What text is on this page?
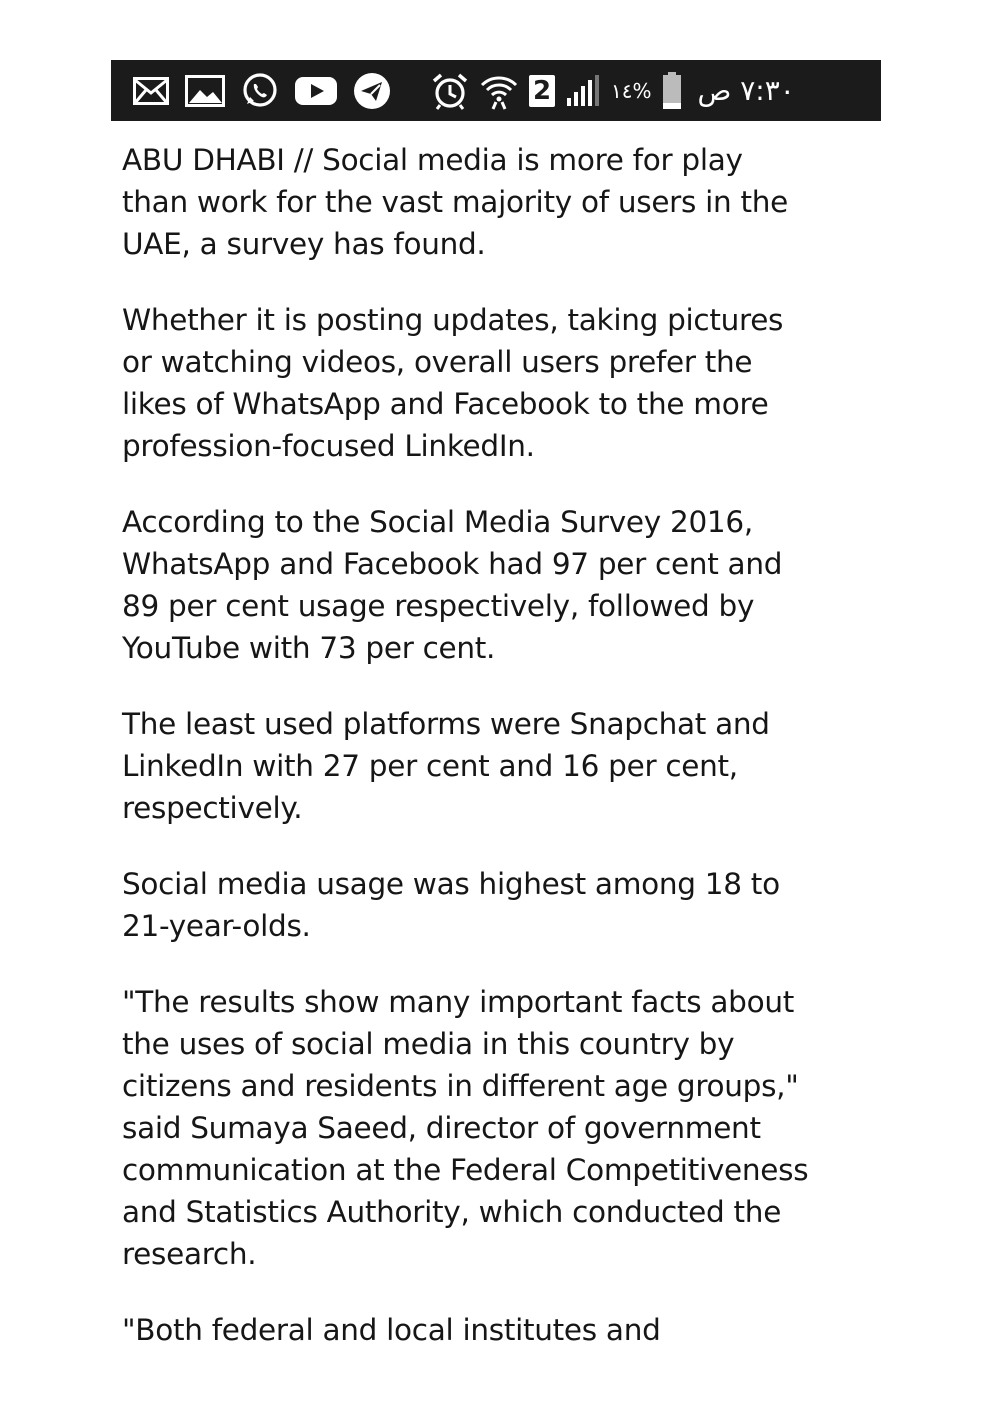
2	١٤% ٧:٣٠ ص

ABU DHABI // Social media is more for play
than work for the vast majority of users in the
UAE, a survey has found.

Whether it is posting updates, taking pictures
or watching videos, overall users prefer the
likes of WhatsApp and Facebook to the more
profession-focused LinkedIn.

According to the Social Media Survey 2016,
WhatsApp and Facebook had 97 per cent and
89 per cent usage respectively, followed by
YouTube with 73 per cent.

The least used platforms were Snapchat and
LinkedIn with 27 per cent and 16 per cent,
respectively.

Social media usage was highest among 18 to
21-year-olds.

"The results show many important facts about
the uses of social media in this country by
citizens and residents in different age groups,"
said Sumaya Saeed, director of government
communication at the Federal Competitiveness
and Statistics Authority, which conducted the
research.

"Both federal and local institutes and
